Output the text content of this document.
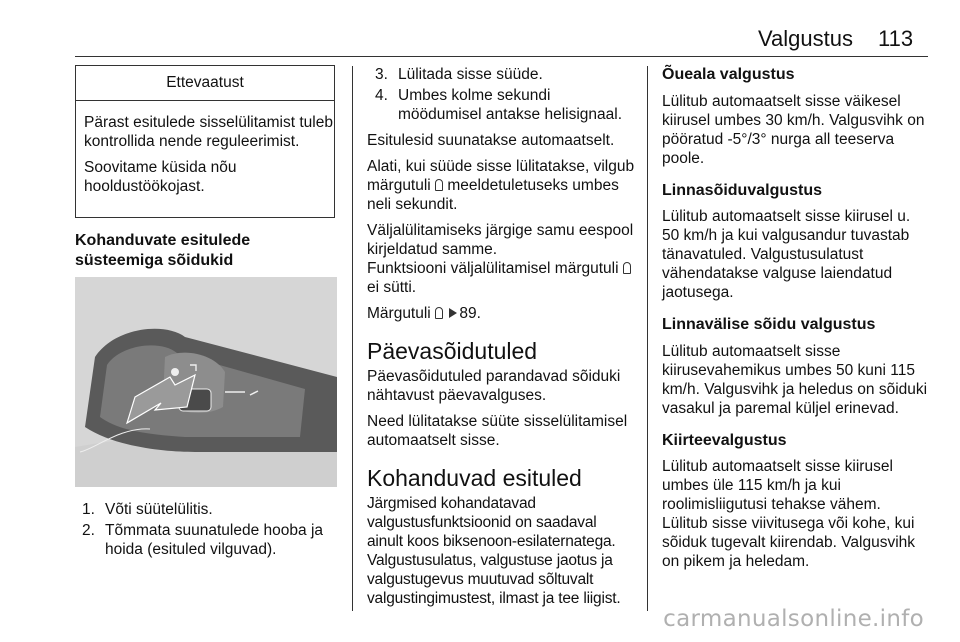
Valgustus 113
Ettevaatust

Pärast esitulede sisselülitamist tuleb kontrollida nende reguleerimist.

Soovitame küsida nõu hooldustöökojast.

Kohanduvate esitulede süsteemiga sõidukid
1. Võti süütelülitis.
2. Tõmmata suunatulede hooba ja hoida (esituled vilguvad).
3. Lülitada sisse süüde.
4. Umbes kolme sekundi möödumisel antakse helisignaal.

Esitulesid suunatakse automaatselt.

Alati, kui süüde sisse lülitatakse, vilgub märgutuli meeldetuletuseks umbes neli sekundit.

Väljalülitamiseks järgige samu eespool kirjeldatud samme.

Funktsiooni väljalülitamisel märgutuli  ei sütti.

Märgutuli 89.

Päevasõidutuled

Päevasõidutuled parandavad sõiduki nähtavust päevavalguses.

Need lülitatakse süüte sisselülitamisel automaatselt sisse.

Kohanduvad esituled

Järgmised kohandatavad valgustusfunktsioonid on saadaval ainult koos biksenoon-esilaternatega. Valgustusulatus, valgustuse jaotus ja valgustugevus muutuvad sõltuvalt valgustingimustest, ilmast ja tee liigist.

Õueala valgustus

Lülitub automaatselt sisse väikesel kiirusel umbes 30 km/h. Valgusvihk on pööratud -5°/3° nurga all teeserva poole.

Linnasõiduvalgustus

Lülitub automaatselt sisse kiirusel u. 50 km/h ja kui valgusandur tuvastab tänavatuled. Valgustusulatust vähendatakse valguse laiendatud jaotusega.

Linnavälise sõidu valgustus

Lülitub automaatselt sisse kiirusevahemikus umbes 50 kuni 115 km/h. Valgusvihk ja heledus on sõiduki vasakul ja paremal küljel erinevad.

Kiirteevalgustus

Lülitub automaatselt sisse kiirusel umbes üle 115 km/h ja kui roolimisliigutusi tehakse vähem. Lülitub sisse viivitusega või kohe, kui sõiduk tugevalt kiirendab. Valgusvihk on pikem ja heledam.

carmanualsonline.info
